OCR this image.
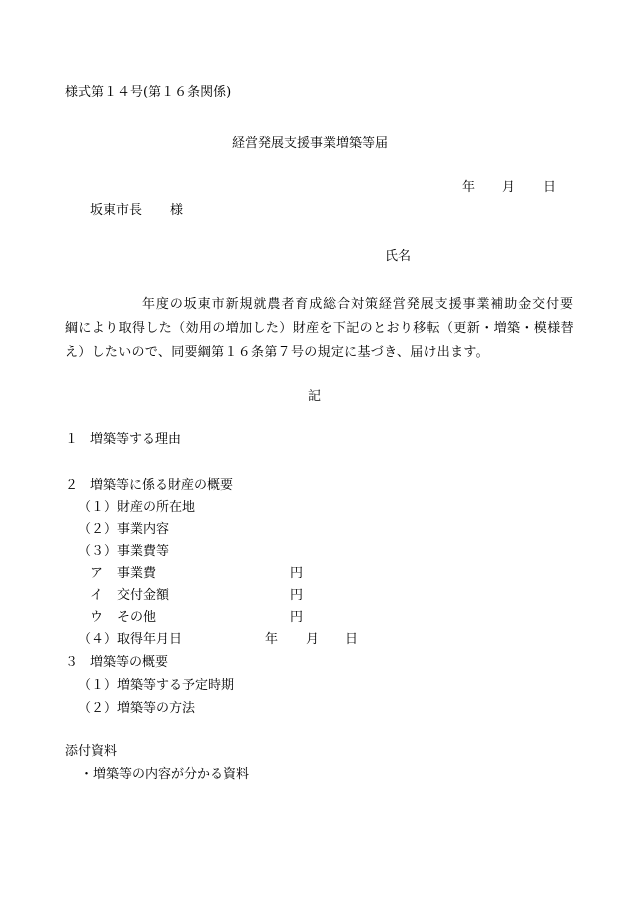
様式第１４号(第１６条関係)
経営発展支援事業増築等届
年 月 日
坂東市長 様
氏名
年度の坂東市新規就農者育成総合対策経営発展支援事業補助金交付要
綱により取得した（効用の増加した）財産を下記のとおり移転（更新・増築・模様替
え）したいので、同要綱第１６条第７号の規定に基づき、届け出ます。
記
１ 増築等する理由
２ 増築等に係る財産の概要
（１） 財産の所在地
（２） 事業内容
（３） 事業費等
ア 事業費	円
イ 交付金額	円
ウ その他	円
（４） 取得年月日	年 月 日
３ 増築等の概要
（１） 増築等する予定時期
（２） 増築等の方法
添付資料
・増築等の内容が分かる資料
